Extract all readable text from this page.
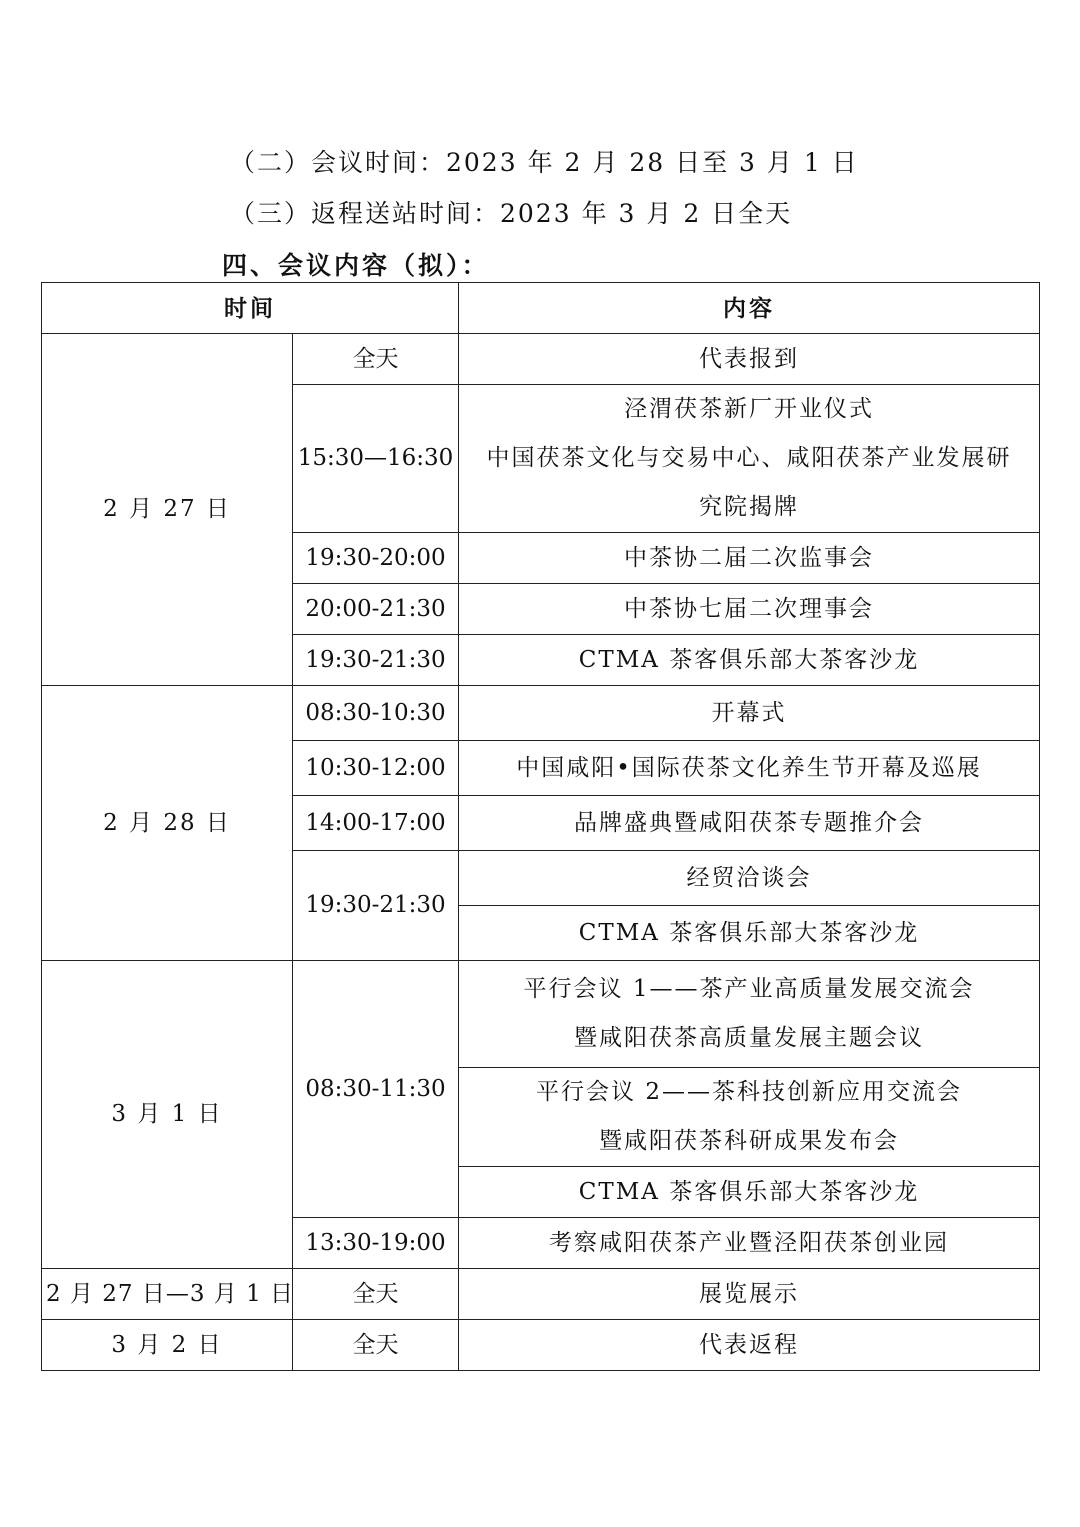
（二）会议时间：2023 年 2 月 28 日至 3 月 1 日
（三）返程送站时间：2023 年 3 月 2 日全天
四、会议内容（拟）：
时间		内容
2 月 27 日	全天	代表报到
	15:30—16:30	泾渭茯茶新厂开业仪式
中国茯茶文化与交易中心、咸阳茯茶产业发展研
究院揭牌

	19:30-20:00	中茶协二届二次监事会
	20:00-21:30	中茶协七届二次理事会
	19:30-21:30	CTMA 茶客俱乐部大茶客沙龙
2 月 28 日	08:30-10:30	开幕式
	10:30-12:00	中国咸阳•国际茯茶文化养生节开幕及巡展
	14:00-17:00	品牌盛典暨咸阳茯茶专题推介会
	19:30-21:30	经贸洽谈会
		CTMA 茶客俱乐部大茶客沙龙
3 月 1 日	08:30-11:30	平行会议 1——茶产业高质量发展交流会
暨咸阳茯茶高质量发展主题会议

		平行会议 2——茶科技创新应用交流会
暨咸阳茯茶科研成果发布会

		CTMA 茶客俱乐部大茶客沙龙
	13:30-19:00	考察咸阳茯茶产业暨泾阳茯茶创业园
2 月 27 日—3 月 1 日	全天	展览展示
3 月 2 日	全天	代表返程
